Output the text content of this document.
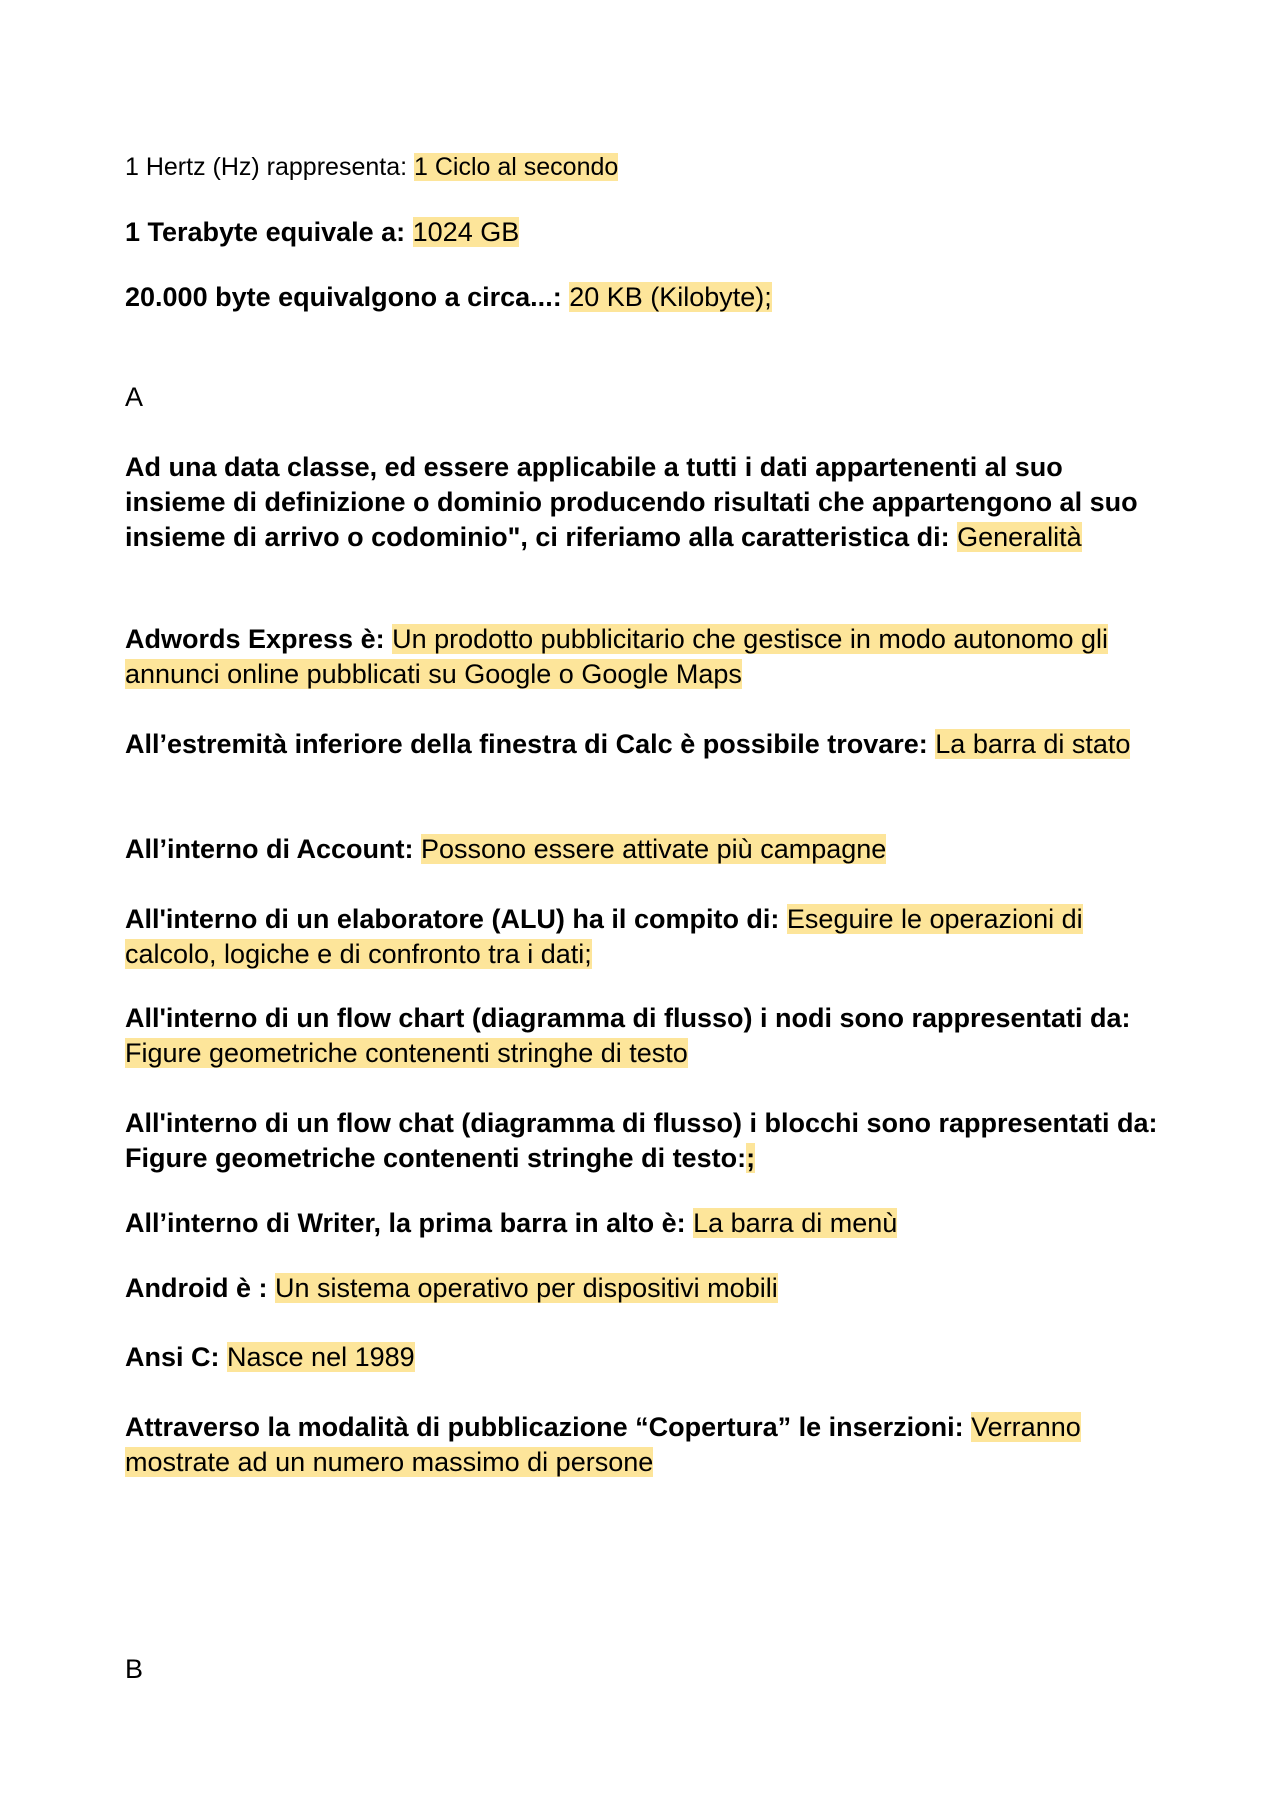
1 Hertz (Hz) rappresenta: 1 Ciclo al secondo
1 Terabyte equivale a: 1024 GB
20.000 byte equivalgono a circa...: 20 KB (Kilobyte);
A
Ad una data classe, ed essere applicabile a tutti i dati appartenenti al suo insieme di definizione o dominio producendo risultati che appartengono al suo insieme di arrivo o codominio", ci riferiamo alla caratteristica di: Generalità
Adwords Express è: Un prodotto pubblicitario che gestisce in modo autonomo gli annunci online pubblicati su Google o Google Maps
All’estremità inferiore della finestra di Calc è possibile trovare: La barra di stato
All’interno di Account: Possono essere attivate più campagne
All'interno di un elaboratore (ALU) ha il compito di: Eseguire le operazioni di calcolo, logiche e di confronto tra i dati;
All'interno di un flow chart (diagramma di flusso) i nodi sono rappresentati da: Figure geometriche contenenti stringhe di testo
All'interno di un flow chat (diagramma di flusso) i blocchi sono rappresentati da: Figure geometriche contenenti stringhe di testo:;
All’interno di Writer, la prima barra in alto è: La barra di menù
Android è : Un sistema operativo per dispositivi mobili
Ansi C: Nasce nel 1989
Attraverso la modalità di pubblicazione “Copertura” le inserzioni: Verranno mostrate ad un numero massimo di persone
B
